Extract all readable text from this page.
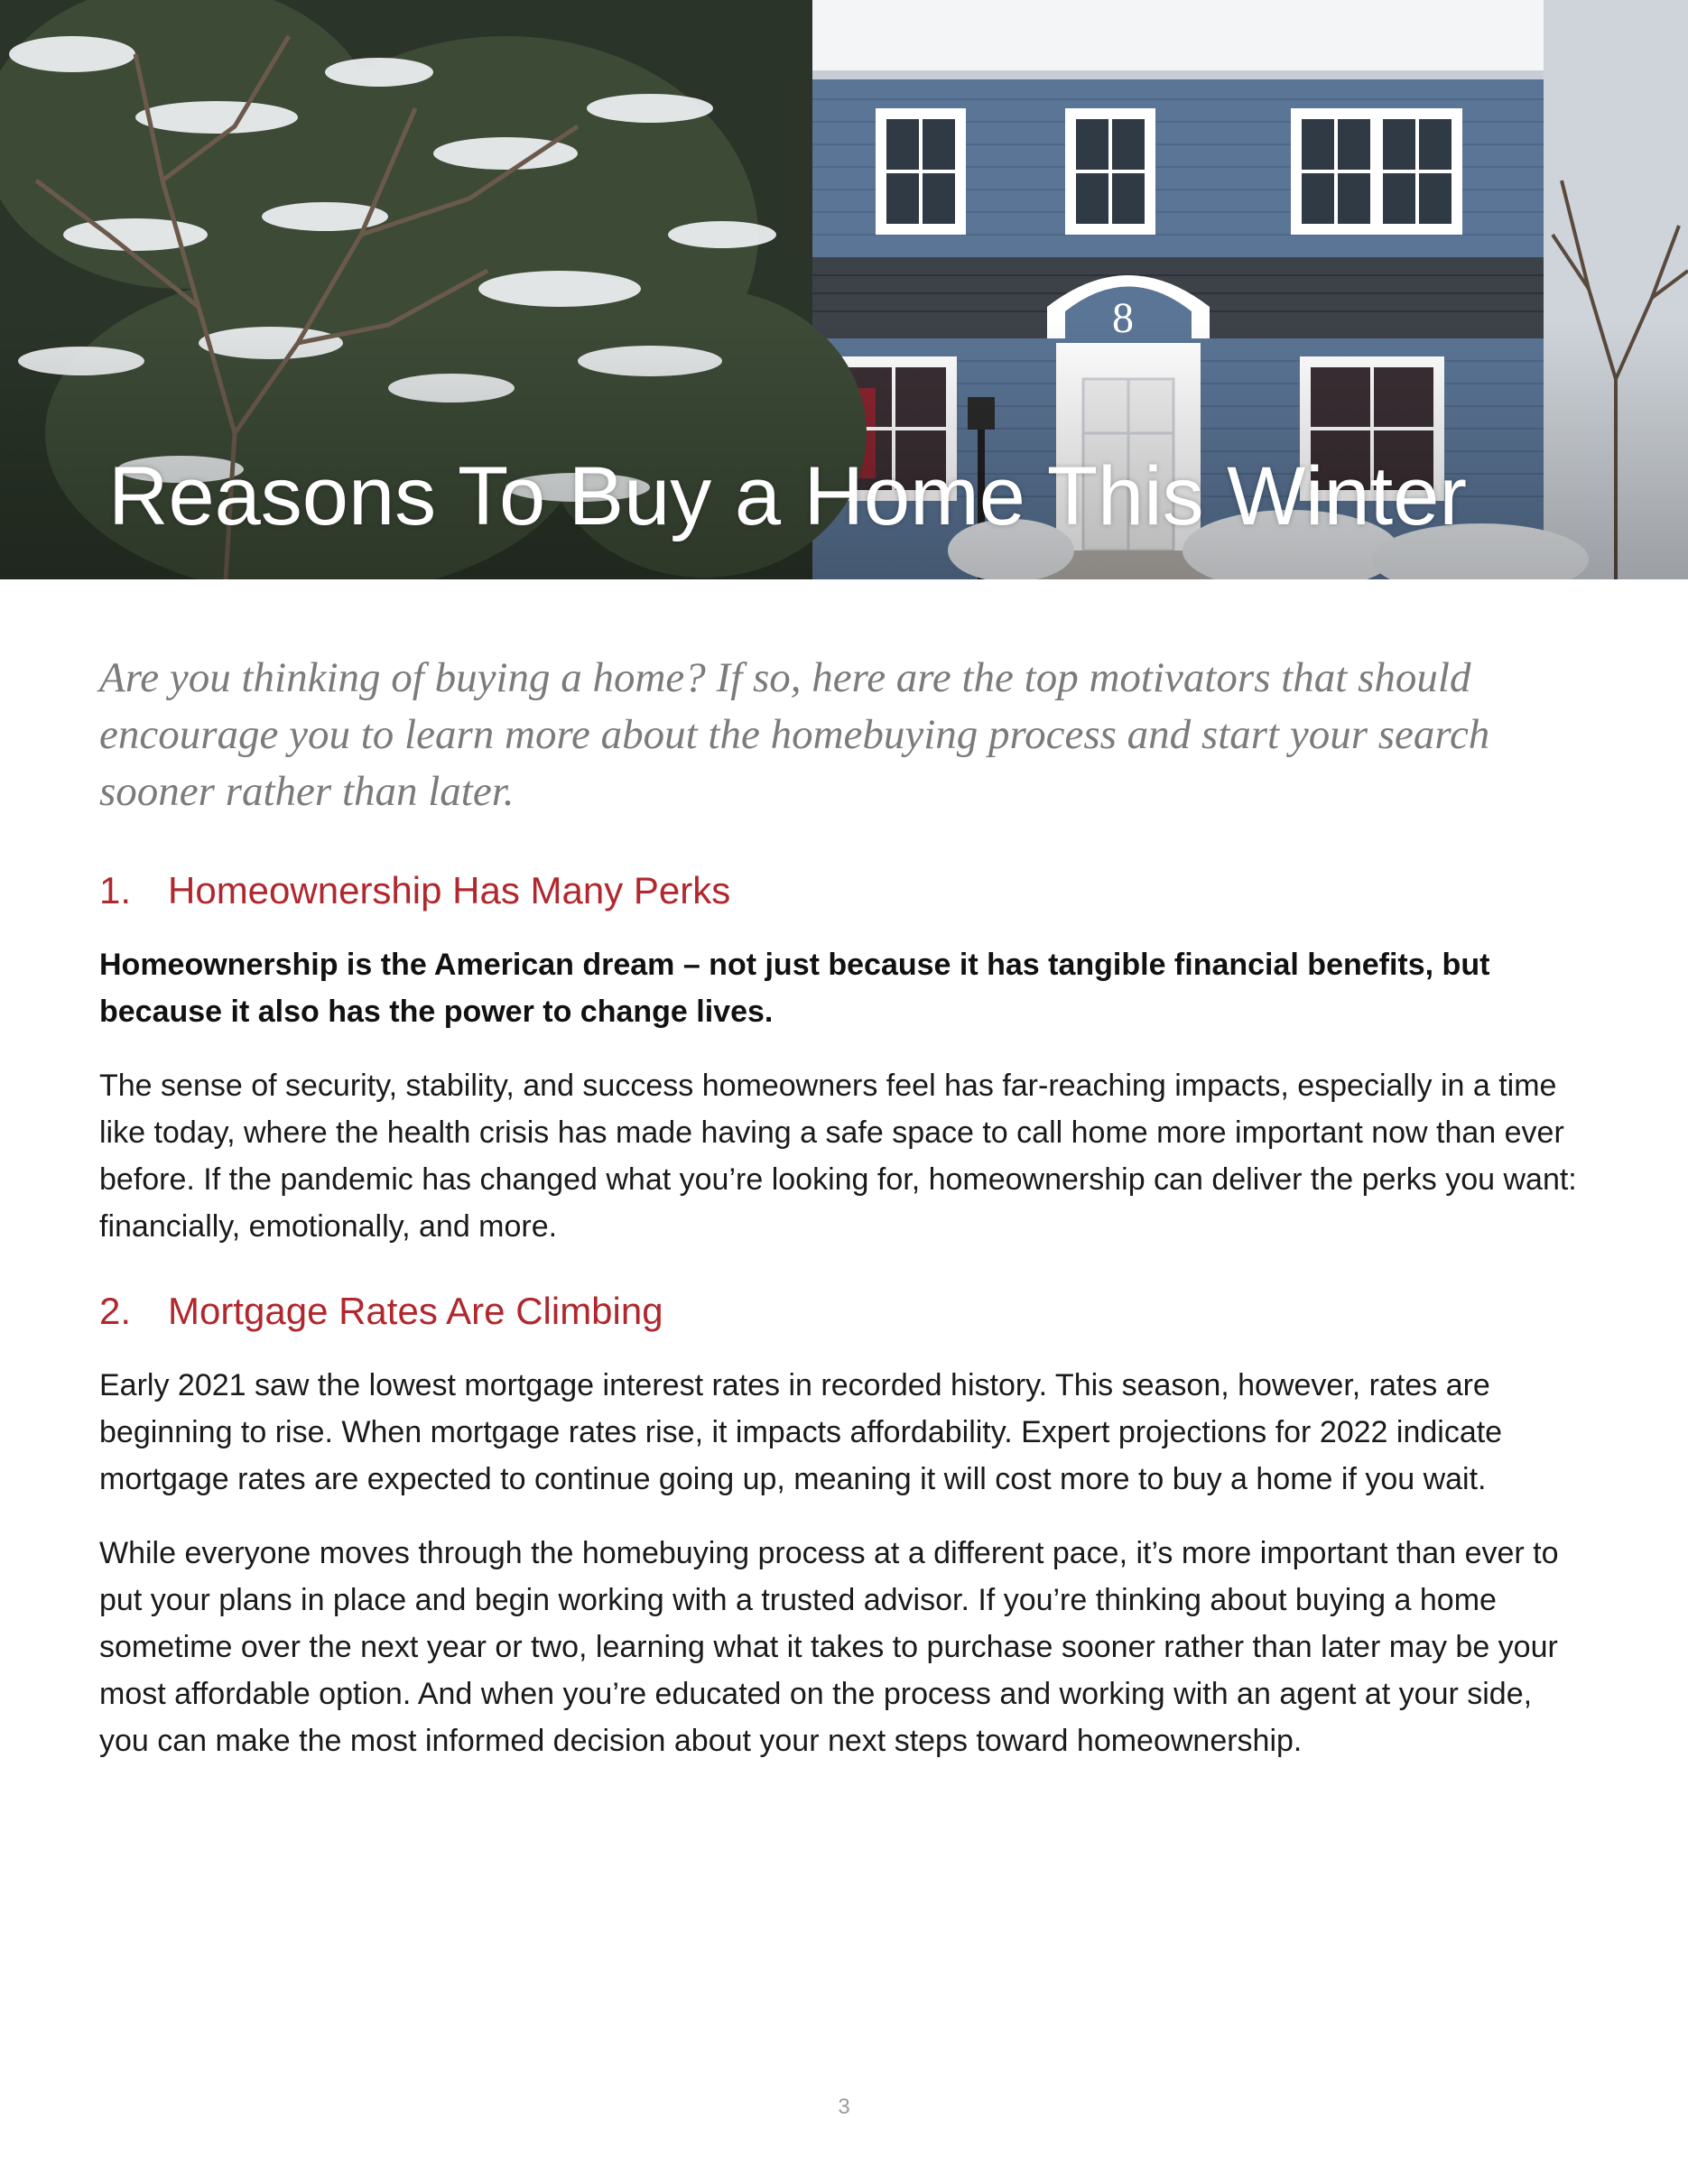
8
Reasons To Buy a Home This Winter

Are you thinking of buying a home? If so, here are the top motivators that should encourage you to learn more about the homebuying process and start your search sooner rather than later.

1. Homeownership Has Many Perks

Homeownership is the American dream – not just because it has tangible financial benefits, but because it also has the power to change lives.

The sense of security, stability, and success homeowners feel has far-reaching impacts, especially in a time like today, where the health crisis has made having a safe space to call home more important now than ever before. If the pandemic has changed what you’re looking for, homeownership can deliver the perks you want: financially, emotionally, and more.

2. Mortgage Rates Are Climbing

Early 2021 saw the lowest mortgage interest rates in recorded history. This season, however, rates are beginning to rise. When mortgage rates rise, it impacts affordability. Expert projections for 2022 indicate mortgage rates are expected to continue going up, meaning it will cost more to buy a home if you wait.

While everyone moves through the homebuying process at a different pace, it’s more important than ever to put your plans in place and begin working with a trusted advisor. If you’re thinking about buying a home sometime over the next year or two, learning what it takes to purchase sooner rather than later may be your most affordable option. And when you’re educated on the process and working with an agent at your side, you can make the most informed decision about your next steps toward homeownership.

3
